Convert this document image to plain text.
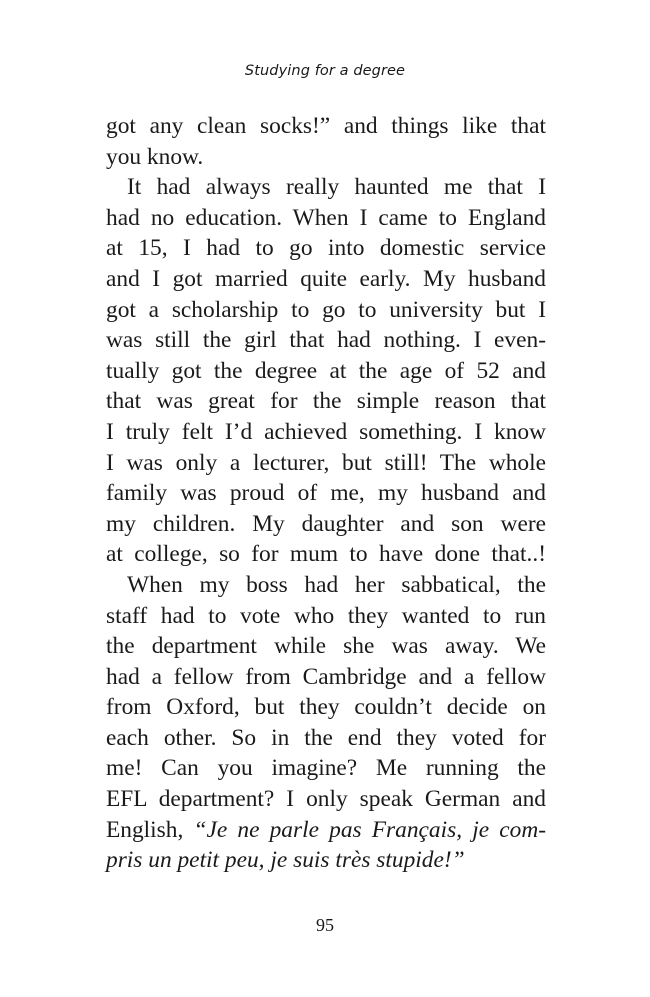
Studying for a degree
got any clean socks!” and things like that
you know.
It had always really haunted me that I
had no education. When I came to England
at 15, I had to go into domestic service
and I got married quite early. My husband
got a scholarship to go to university but I
was still the girl that had nothing. I even-
tually got the degree at the age of 52 and
that was great for the simple reason that
I truly felt I’d achieved something. I know
I was only a lecturer, but still! The whole
family was proud of me, my husband and
my children. My daughter and son were
at college, so for mum to have done that..!
When my boss had her sabbatical, the
staff had to vote who they wanted to run
the department while she was away. We
had a fellow from Cambridge and a fellow
from Oxford, but they couldn’t decide on
each other. So in the end they voted for
me! Can you imagine? Me running the
EFL department? I only speak German and
English, “Je ne parle pas Français, je com-
pris un petit peu, je suis très stupide!”
95
